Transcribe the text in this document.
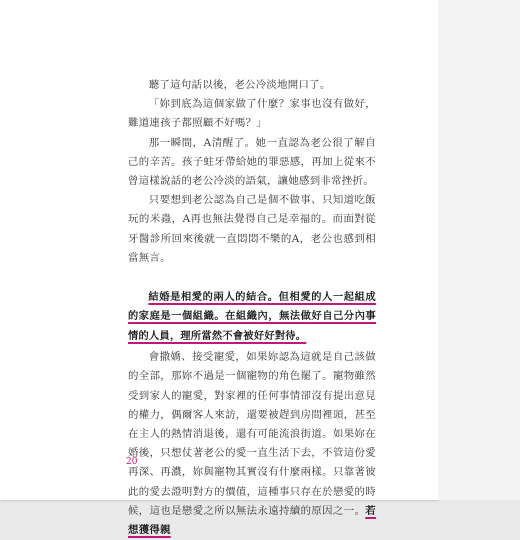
聽了這句話以後，老公冷淡地開口了。

「妳到底為這個家做了什麼？家事也沒有做好，難道連孩子都照顧不好嗎？」

那一瞬間，A清醒了。她一直認為老公很了解自己的辛苦。孩子蛀牙帶給她的罪惡感，再加上從來不曾這樣說話的老公冷淡的語氣，讓她感到非常挫折。

只要想到老公認為自己是個不做事、只知道吃飯玩的米蟲，A再也無法覺得自己是幸福的。而面對從牙醫診所回來後就一直悶悶不樂的A，老公也感到相當無言。

結婚是相愛的兩人的結合。但相愛的人一起組成的家庭是一個組織。在組織內，無法做好自己分內事情的人員，理所當然不會被好好對待。

會撒嬌、接受寵愛，如果妳認為這就是自己該做的全部，那妳不過是一個寵物的角色罷了。寵物雖然受到家人的寵愛，對家裡的任何事情卻沒有提出意見的權力，偶爾客人來訪，還要被趕到房間裡頭，甚至在主人的熱情消退後，還有可能流浪街道。如果妳在婚後，只想仗著老公的愛一直生活下去，不管這份愛再深、再濃，妳與寵物其實沒有什麼兩樣。只靠著彼此的愛去證明對方的價值，這種事只存在於戀愛的時候，這也是戀愛之所以無法永遠持續的原因之一。若想獲得親

20
